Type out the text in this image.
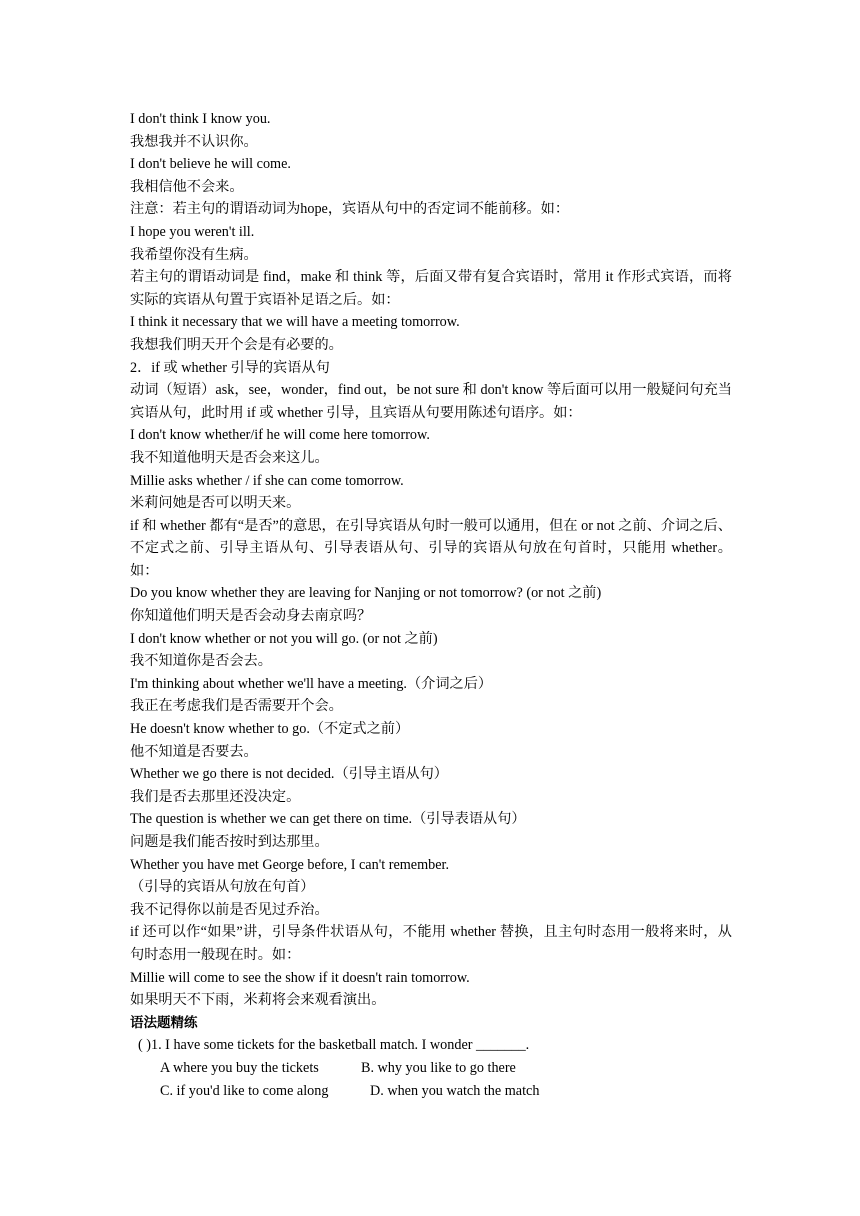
I don't think I know you.
我想我并不认识你。
I don't believe he will come.
我相信他不会来。
注意：若主句的谓语动词为hope，宾语从句中的否定词不能前移。如：
I hope you weren't ill.
我希望你没有生病。
若主句的谓语动词是 find，make 和 think 等，后面又带有复合宾语时，常用 it 作形式宾语，而将实际的宾语从句置于宾语补足语之后。如：
I think it necessary that we will have a meeting tomorrow.
我想我们明天开个会是有必要的。
2．if 或 whether 引导的宾语从句
动词（短语）ask，see，wonder，find out，be not sure 和 don't know 等后面可以用一般疑问句充当宾语从句，此时用 if 或 whether 引导，且宾语从句要用陈述句语序。如：
I don't know whether/if he will come here tomorrow.
我不知道他明天是否会来这儿。
Millie asks whether / if she can come tomorrow.
米莉问她是否可以明天来。
if 和 whether 都有“是否”的意思，在引导宾语从句时一般可以通用，但在 or not 之前、介词之后、不定式之前、引导主语从句、引导表语从句、引导的宾语从句放在句首时，只能用 whether。如：
Do you know whether they are leaving for Nanjing or not tomorrow? (or not 之前)
你知道他们明天是否会动身去南京吗？
I don't know whether or not you will go. (or not 之前)
我不知道你是否会去。
I'm thinking about whether we'll have a meeting.（介词之后）
我正在考虑我们是否需要开个会。
He doesn't know whether to go.（不定式之前）
他不知道是否要去。
Whether we go there is not decided.（引导主语从句）
我们是否去那里还没决定。
The question is whether we can get there on time.（引导表语从句）
问题是我们能否按时到达那里。
Whether you have met George before, I can't remember.
（引导的宾语从句放在句首）
我不记得你以前是否见过乔治。
if 还可以作“如果”讲，引导条件状语从句，不能用 whether 替换，且主句时态用一般将来时，从句时态用一般现在时。如：
Millie will come to see the show if it doesn't rain tomorrow.
如果明天不下雨，米莉将会来观看演出。
语法题精练
( )1. I have some tickets for the basketball match. I wonder _______.
A where you buy the tickets	B. why you like to go there
C. if you'd like to come along	D. when you watch the match
